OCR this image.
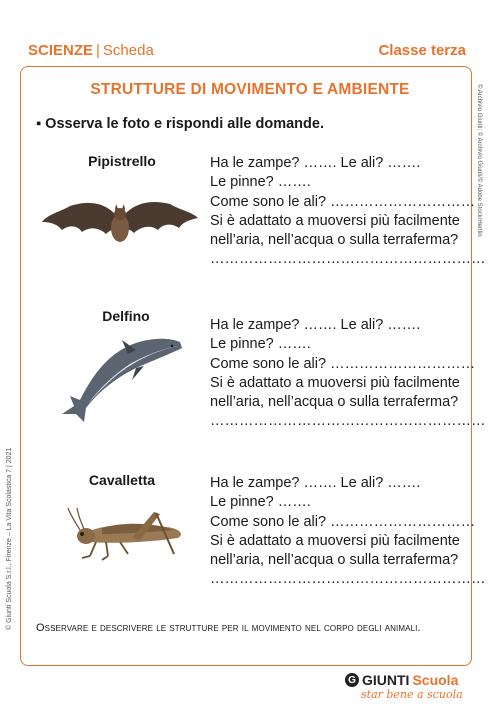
SCIENZE | Scheda	Classe terza
STRUTTURE DI MOVIMENTO E AMBIENTE
▪ Osserva le foto e rispondi alle domande.
Pipistrello	Ha le zampe? ……. Le ali? …….
Le pinne? …….
Come sono le ali? …………………………
Si è adattato a muoversi più facilmente
nell’aria, nell’acqua o sulla terraferma?
…………………………………………………
Delfino
Ha le zampe? ……. Le ali? …….
Le pinne? …….
Come sono le ali? …………………………
Si è adattato a muoversi più facilmente
nell’aria, nell’acqua o sulla terraferma?
…………………………………………………
Cavalletta	Ha le zampe? ……. Le ali? …….
Le pinne? …….
Come sono le ali? …………………………
Si è adattato a muoversi più facilmente
nell’aria, nell’acqua o sulla terraferma?
…………………………………………………
Osservare e descrivere le strutture per il movimento nel corpo degli animali.
© Giunti Scuola S.r.l., Firenze – La Vita Scolastica 7 | 2021
© Archivio Giunti; © Archivio Giunti/© Adobe Stock/Hertlin
G GIUNTI Scuola
star bene a scuola
